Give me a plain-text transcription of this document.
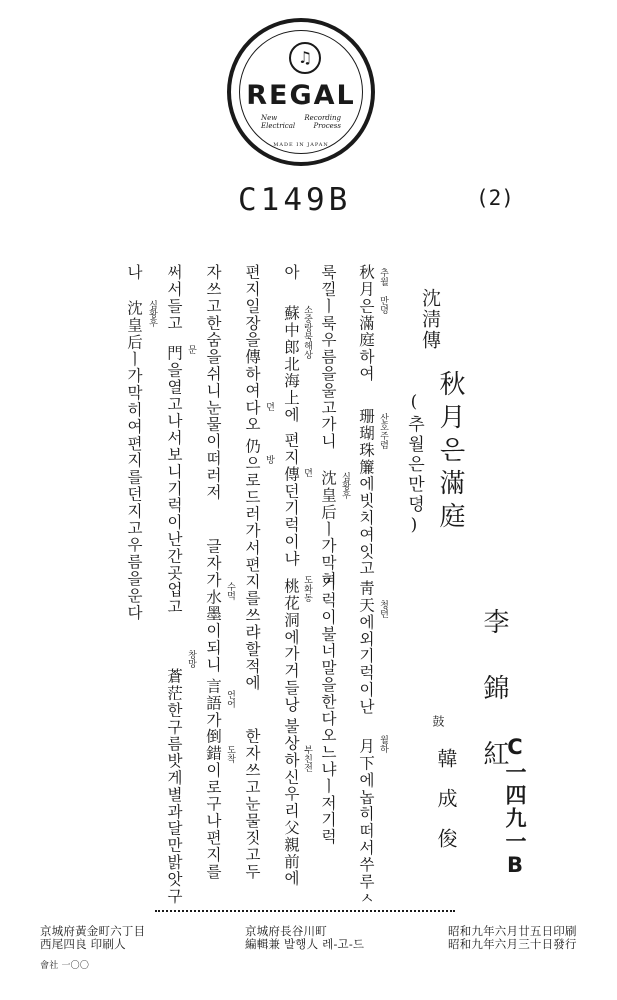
♫
REGAL
New
Electrical
Recording
Process
MADE IN JAPAN
C149B	(2)
沈淸傳
秋月은滿庭
(추월은만뎡)
李錦紅
鼓
韓成俊 C一四九一B
추월 만뎡
秋月은滿庭하여
산호주렴
珊瑚珠簾에빗치여잇고
청텬
靑天에외기럭이난
월하
月下에놉히떠서쑤루ㅅ
룩낄ㅣ룩우름을울고가니
심황후
沈皇后ㅣ가막혀
기럭이불너말을한다오느냐ㅣ저기럭
아
소중랑북해상
蘇中郎北海上에
뎐
편지傳던기럭이냐
도화동
桃花洞에가거들낭
부친전
불상하신우리父親前에
뎐
편지일장을傳하여다오
방
仍으로드러가서편지를쓰랴할적에
한자쓰고눈물짓고두
자쓰고한숨을쉬니눈물이떠러저
수먹
글자가水墨이되니
언어
言語가
도착
倒錯이로구나편지를
써서들고
문
門을열고나서보니기럭이난간곳업고
창망
蒼茫한구름밧게별과달만밝앗구
나
심황후
沈皇后ㅣ가막히여편지를던지고우름을운다
昭和九年六月廿五日印刷
昭和九年六月三十日發行
京城府長谷川町
編輯兼 발행人 레-고-드
京城府黃金町六丁目
西尾四良 印刷人
會社 一〇〇
